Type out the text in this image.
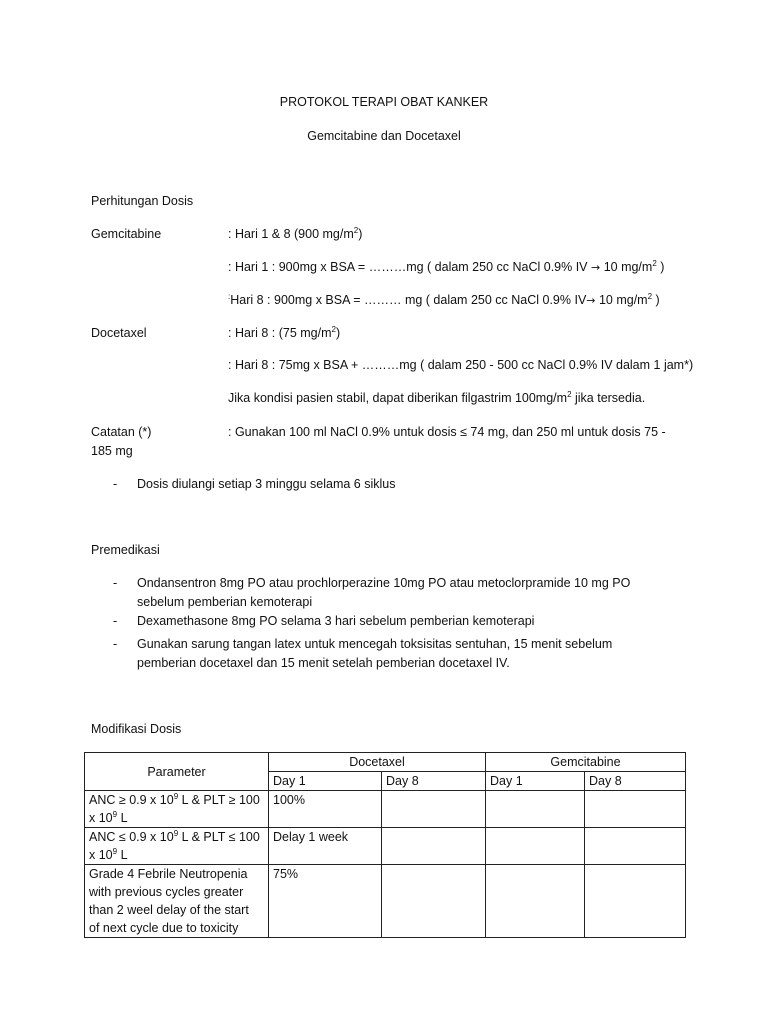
PROTOKOL TERAPI OBAT KANKER
Gemcitabine dan Docetaxel
Perhitungan Dosis
Gemcitabine	: Hari 1 & 8 (900 $mg/m^2$)
: Hari 1 : 900mg x BSA = ………mg ( dalam 250 cc NaCl 0.9% IV → 10 $mg/m^2$ )
:Hari 8 : 900mg x BSA = ……… mg ( dalam 250 cc NaCl 0.9% IV→ 10 $mg/m^2$ )
Docetaxel	: Hari 8 : (75 $mg/m^2$)
: Hari 8 : 75mg x BSA + ………mg ( dalam 250 - 500 cc NaCl 0.9% IV dalam 1 jam*)
Jika kondisi pasien stabil, dapat diberikan filgastrim $100mg/m^2$ jika tersedia.
Catatan (*)	: Gunakan 100 ml NaCl 0.9% untuk dosis ≤ 74 mg, dan 250 ml untuk dosis 75 -
185 mg
- Dosis diulangi setiap 3 minggu selama 6 siklus
Premedikasi
- Ondansentron 8mg PO atau prochlorperazine 10mg PO atau metoclorpramide 10 mg PO
sebelum pemberian kemoterapi
- Dexamethasone 8mg PO selama 3 hari sebelum pemberian kemoterapi
- Gunakan sarung tangan latex untuk mencegah toksisitas sentuhan, 15 menit sebelum
pemberian docetaxel dan 15 menit setelah pemberian docetaxel IV.
Modifikasi Dosis
Parameter	Docetaxel		Gemcitabine	
	Day 1	Day 8	Day 1	Day 8
ANC ≥ 0.9 x $10^9$ L & PLT ≥ 100
x $10^9$ L	100%			
ANC ≤ 0.9 x $10^9$ L & PLT ≤ 100
x $10^9$ L	Delay 1 week			
Grade 4 Febrile Neutropenia
with previous cycles greater
than 2 weel delay of the start
of next cycle due to toxicity	75%			
